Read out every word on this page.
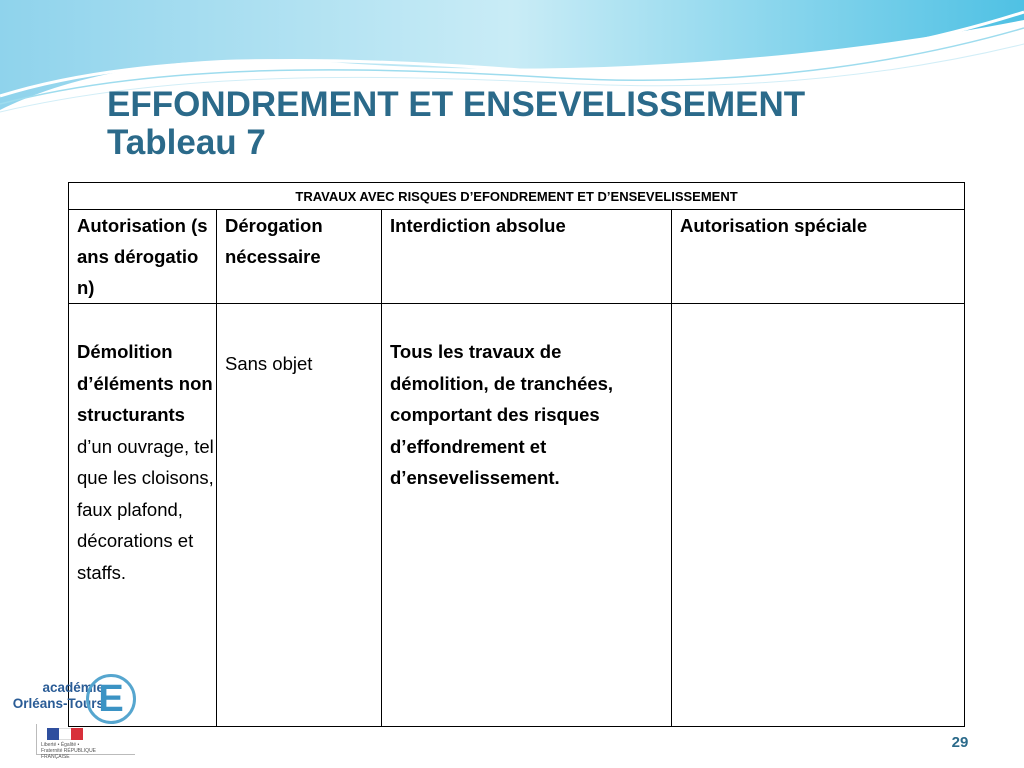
EFFONDREMENT ET ENSEVELISSEMENT
Tableau 7
TRAVAUX AVEC RISQUES D’EFONDREMENT ET D’ENSEVELISSEMENT			
Autorisation (sans dérogation)	Dérogation nécessaire	Interdiction absolue	Autorisation spéciale
Démolition d’éléments non structurants d’un ouvrage, tel que les cloisons, faux plafond, décorations et staffs.	Sans objet	Tous les travaux de démolition, de tranchées, comportant des risques d’effondrement et d’ensevelissement.	
académie
Orléans-Tours
E
Liberté • Égalité • Fraternité RÉPUBLIQUE FRANÇAISE
29
